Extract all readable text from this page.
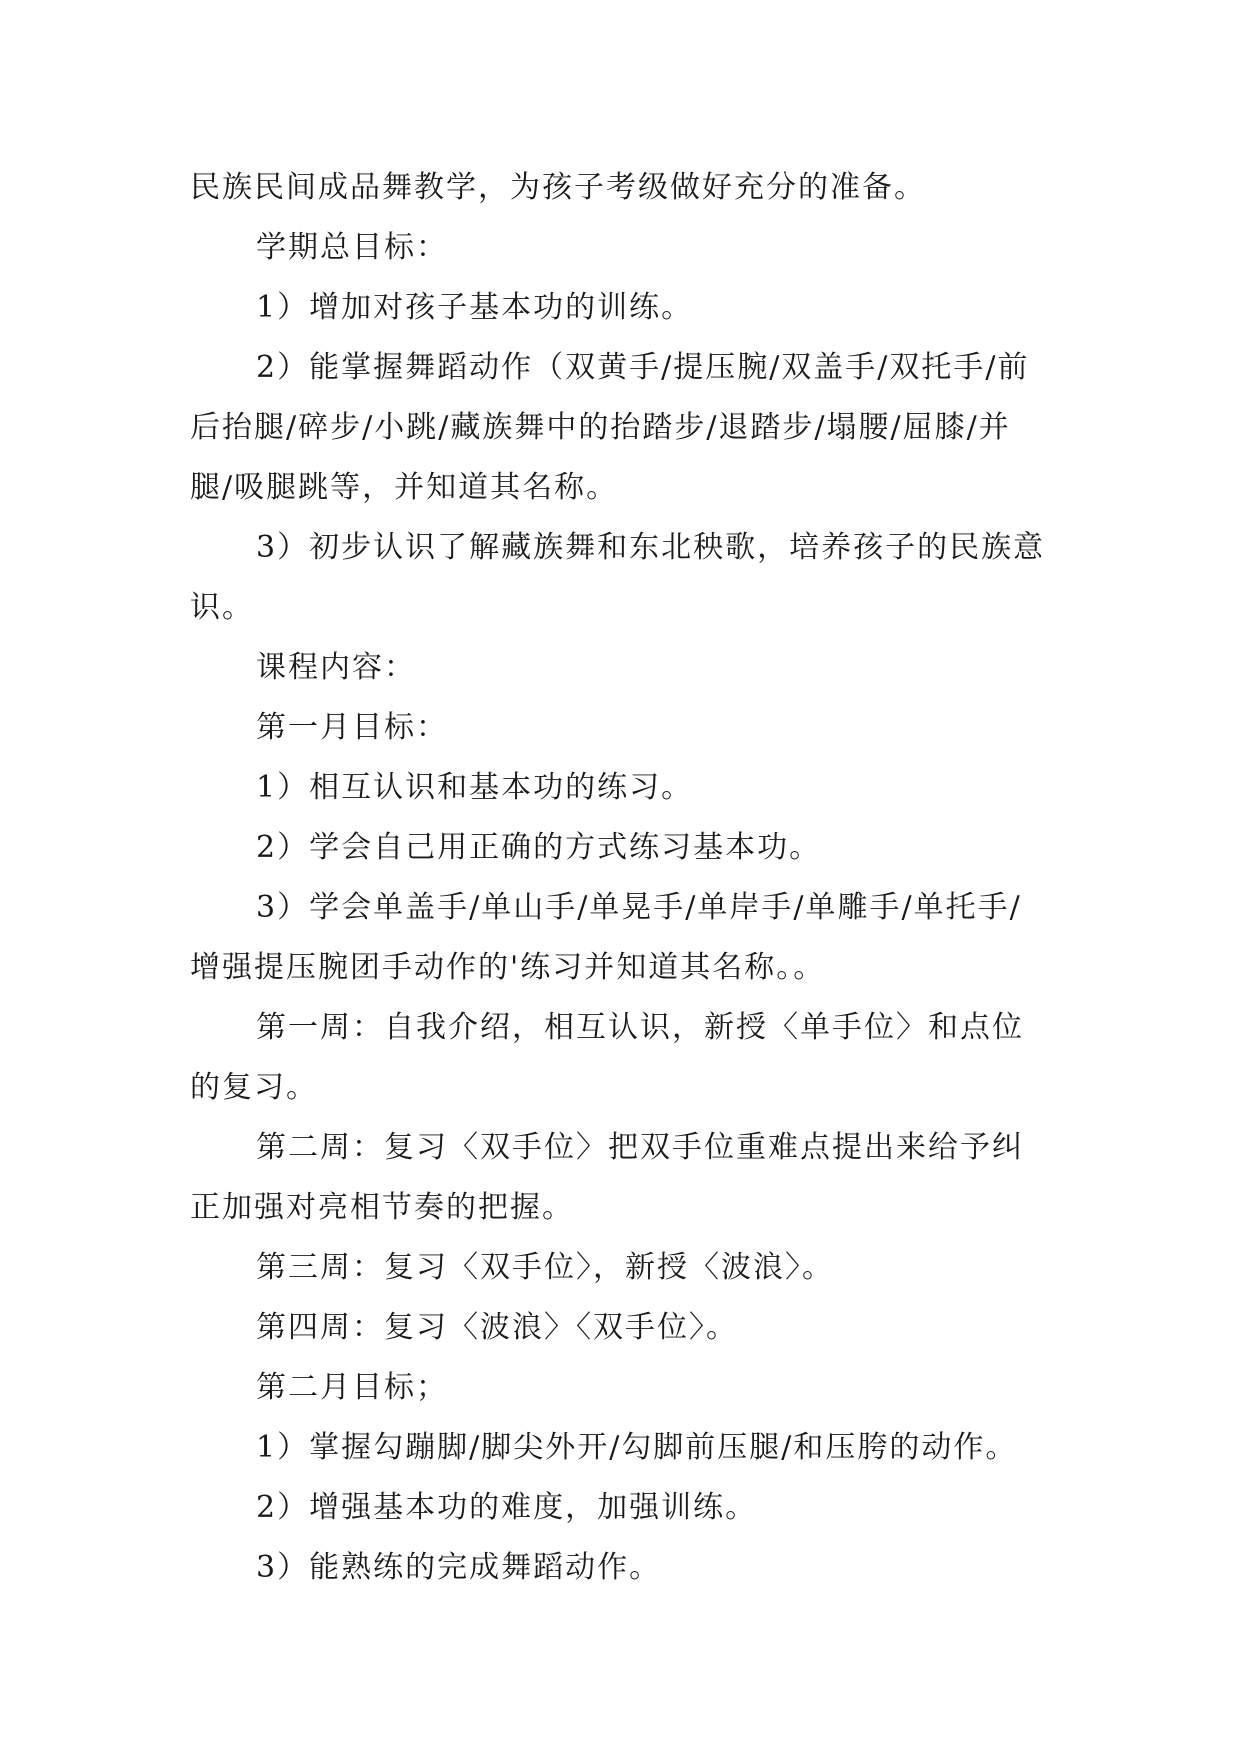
民族民间成品舞教学，为孩子考级做好充分的准备。

学期总目标：

1）增加对孩子基本功的训练。

2）能掌握舞蹈动作（双黄手/提压腕/双盖手/双托手/前后抬腿/碎步/小跳/藏族舞中的抬踏步/退踏步/塌腰/屈膝/并腿/吸腿跳等，并知道其名称。

3）初步认识了解藏族舞和东北秧歌，培养孩子的民族意识。

课程内容：

第一月目标：

1）相互认识和基本功的练习。

2）学会自己用正确的方式练习基本功。

3）学会单盖手/单山手/单晃手/单岸手/单雕手/单托手/增强提压腕团手动作的'练习并知道其名称。。

第一周：自我介绍，相互认识，新授〈单手位〉和点位的复习。

第二周：复习〈双手位〉把双手位重难点提出来给予纠正加强对亮相节奏的把握。

第三周：复习〈双手位〉，新授〈波浪〉。

第四周：复习〈波浪〉〈双手位〉。

第二月目标；

1）掌握勾蹦脚/脚尖外开/勾脚前压腿/和压胯的动作。

2）增强基本功的难度，加强训练。

3）能熟练的完成舞蹈动作。
